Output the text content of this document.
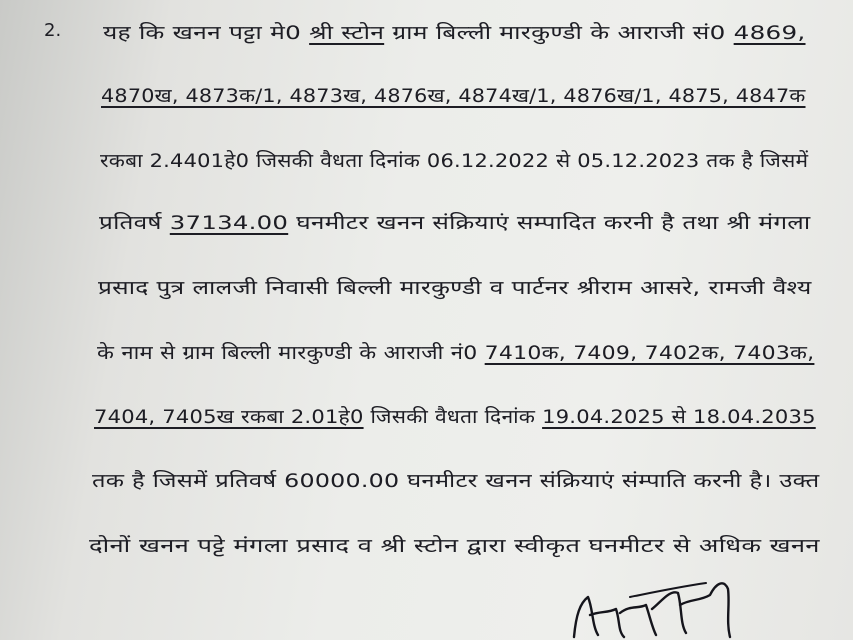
2. यह कि खनन पट्टा मे0 श्री स्टोन ग्राम बिल्ली मारकुण्डी के आराजी सं0 4869,

4870ख, 4873क/1, 4873ख, 4876ख, 4874ख/1, 4876ख/1, 4875, 4847क

रकबा 2.4401हे0 जिसकी वैधता दिनांक 06.12.2022 से 05.12.2023 तक है जिसमें

प्रतिवर्ष 37134.00 घनमीटर खनन संक्रियाएं सम्पादित करनी है तथा श्री मंगला

प्रसाद पुत्र लालजी निवासी बिल्ली मारकुण्डी व पार्टनर श्रीराम आसरे, रामजी वैश्य

के नाम से ग्राम बिल्ली मारकुण्डी के आराजी नं0 7410क, 7409, 7402क, 7403क,

7404, 7405ख रकबा 2.01हे0 जिसकी वैधता दिनांक 19.04.2025 से 18.04.2035

तक है जिसमें प्रतिवर्ष 60000.00 घनमीटर खनन संक्रियाएं संम्पाति करनी है। उक्त

दोनों खनन पट्टे मंगला प्रसाद व श्री स्टोन द्वारा स्वीकृत घनमीटर से अधिक खनन
